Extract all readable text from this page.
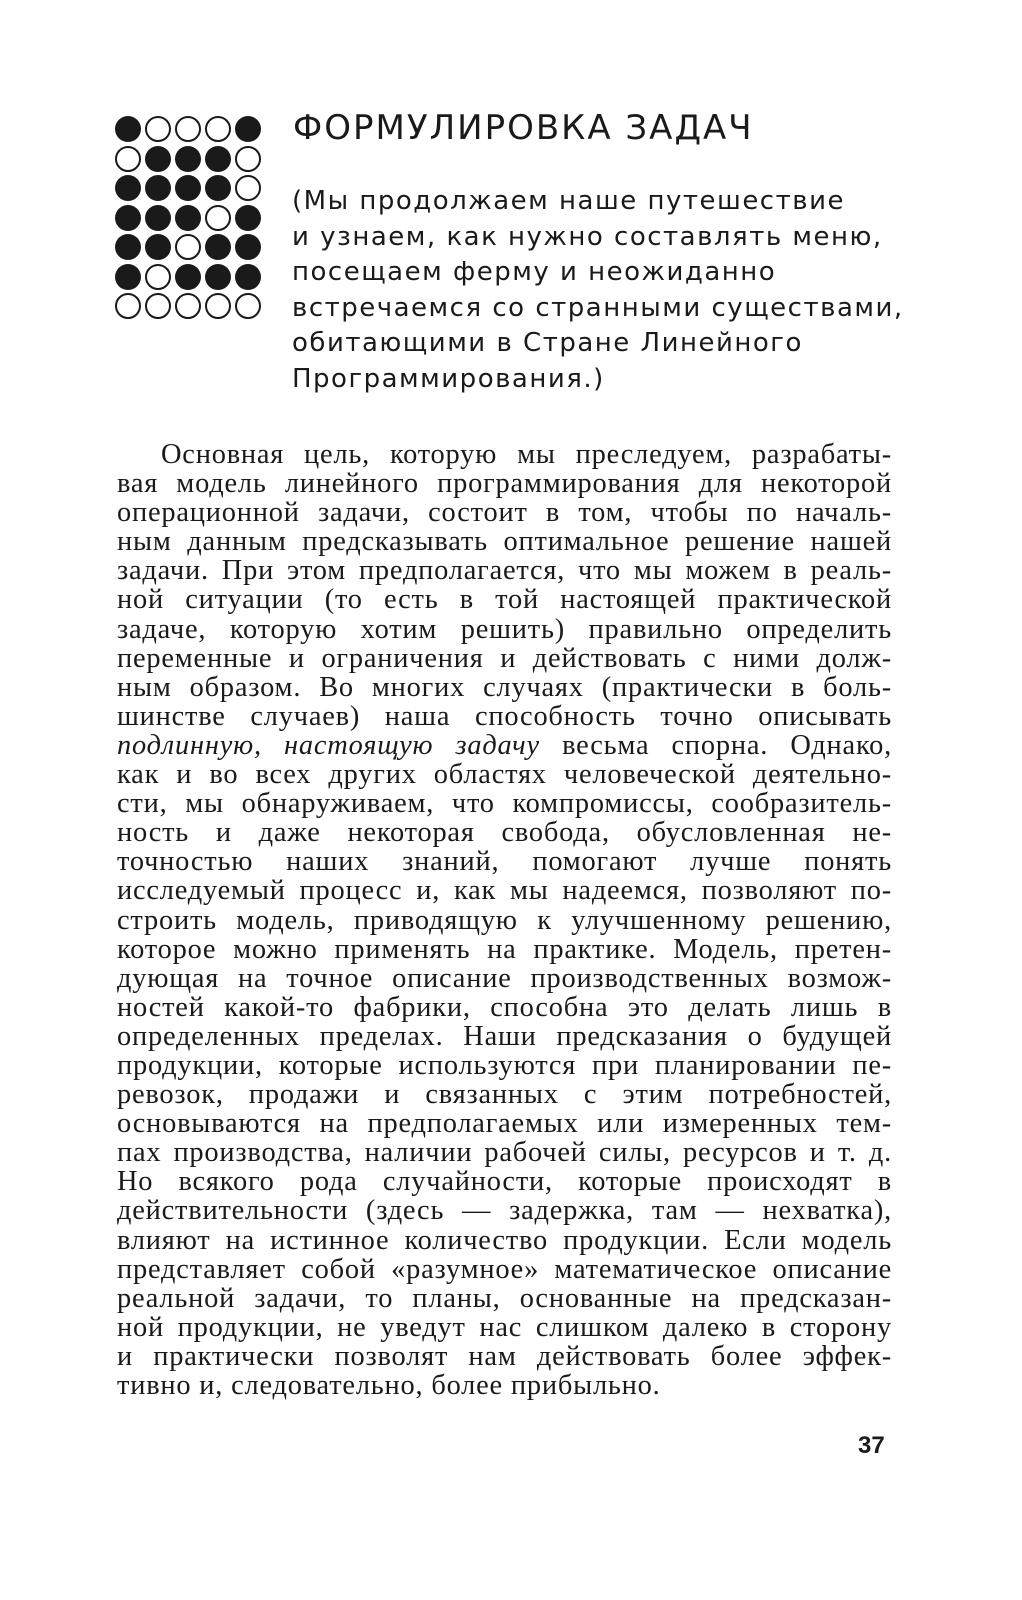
ФОРМУЛИРОВКА ЗАДАЧ
(Мы продолжаем наше путешествие
и узнаем, как нужно составлять меню,
посещаем ферму и неожиданно
встречаемся со странными существами,
обитающими в Стране Линейного
Программирования.)
Основная цель, которую мы преследуем, разрабаты-
вая модель линейного программирования для некоторой
операционной задачи, состоит в том, чтобы по началь-
ным данным предсказывать оптимальное решение нашей
задачи. При этом предполагается, что мы можем в реаль-
ной ситуации (то есть в той настоящей практической
задаче, которую хотим решить) правильно определить
переменные и ограничения и действовать с ними долж-
ным образом. Во многих случаях (практически в боль-
шинстве случаев) наша способность точно описывать
подлинную, настоящую задачу весьма спорна. Однако,
как и во всех других областях человеческой деятельно-
сти, мы обнаруживаем, что компромиссы, сообразитель-
ность и даже некоторая свобода, обусловленная не-
точностью наших знаний, помогают лучше понять
исследуемый процесс и, как мы надеемся, позволяют по-
строить модель, приводящую к улучшенному решению,
которое можно применять на практике. Модель, претен-
дующая на точное описание производственных возмож-
ностей какой-то фабрики, способна это делать лишь в
определенных пределах. Наши предсказания о будущей
продукции, которые используются при планировании пе-
ревозок, продажи и связанных с этим потребностей,
основываются на предполагаемых или измеренных тем-
пах производства, наличии рабочей силы, ресурсов и т. д.
Но всякого рода случайности, которые происходят в
действительности (здесь — задержка, там — нехватка),
влияют на истинное количество продукции. Если модель
представляет собой «разумное» математическое описание
реальной задачи, то планы, основанные на предсказан-
ной продукции, не уведут нас слишком далеко в сторону
и практически позволят нам действовать более эффек-
тивно и, следовательно, более прибыльно.
37
